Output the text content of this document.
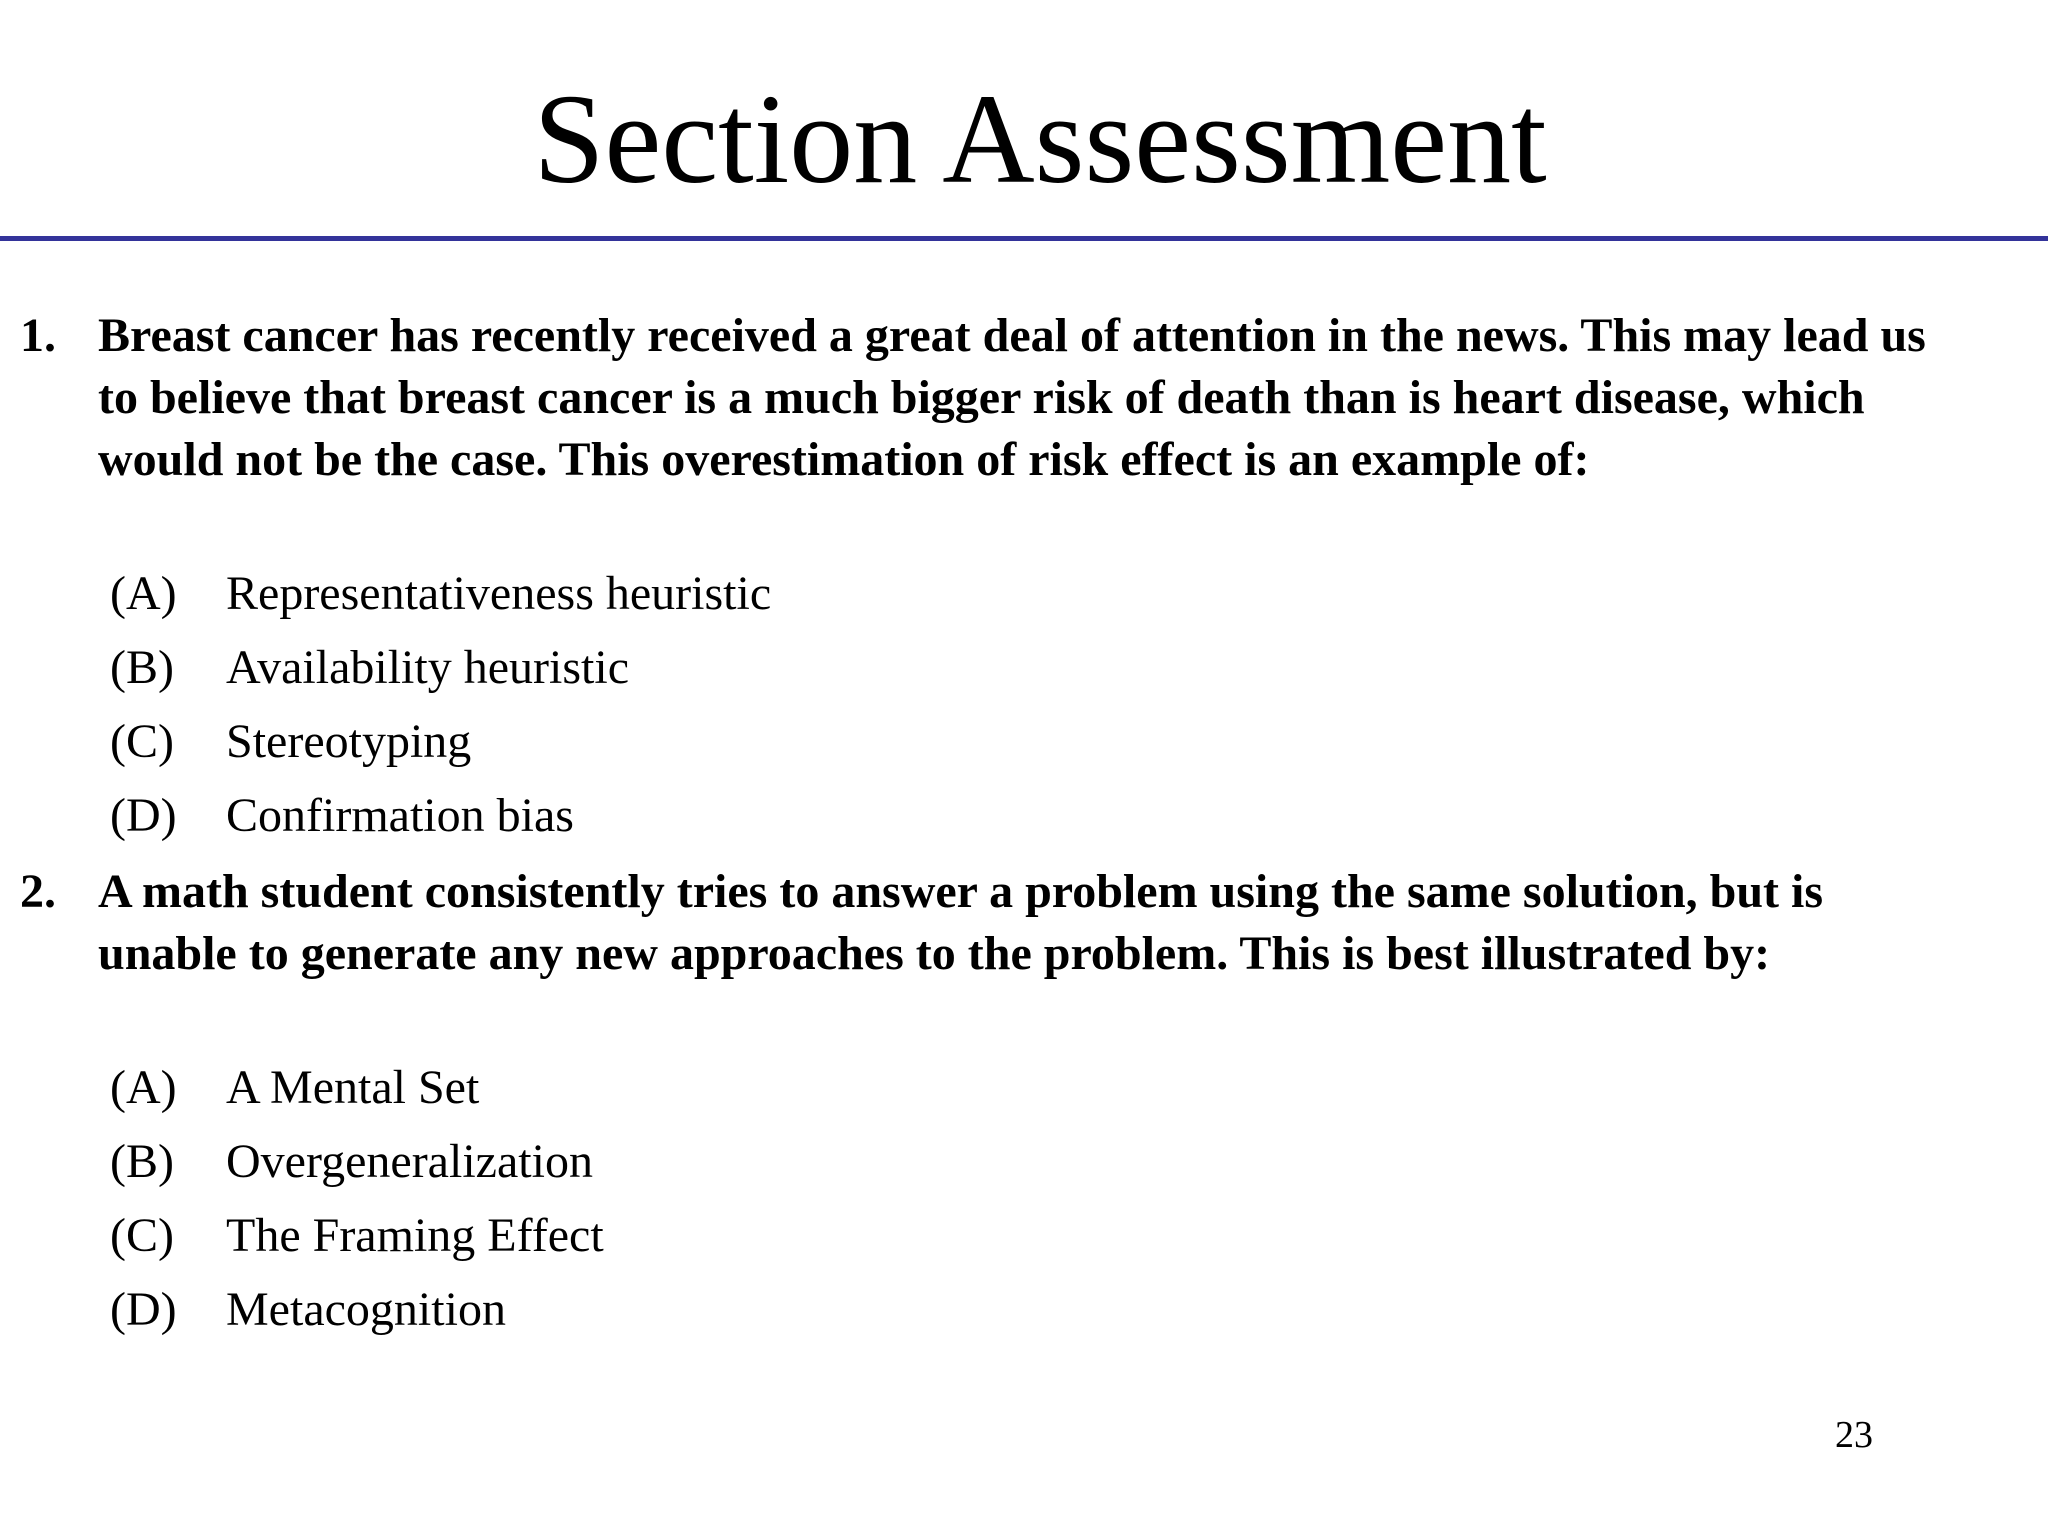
Section Assessment
1. Breast cancer has recently received a great deal of attention in the news. This may lead us to believe that breast cancer is a much bigger risk of death than is heart disease, which would not be the case. This overestimation of risk effect is an example of:

(A) Representativeness heuristic
(B) Availability heuristic
(C) Stereotyping
(D) Confirmation bias
2. A math student consistently tries to answer a problem using the same solution, but is unable to generate any new approaches to the problem. This is best illustrated by:

(A) A Mental Set
(B) Overgeneralization
(C) The Framing Effect
(D) Metacognition
23
